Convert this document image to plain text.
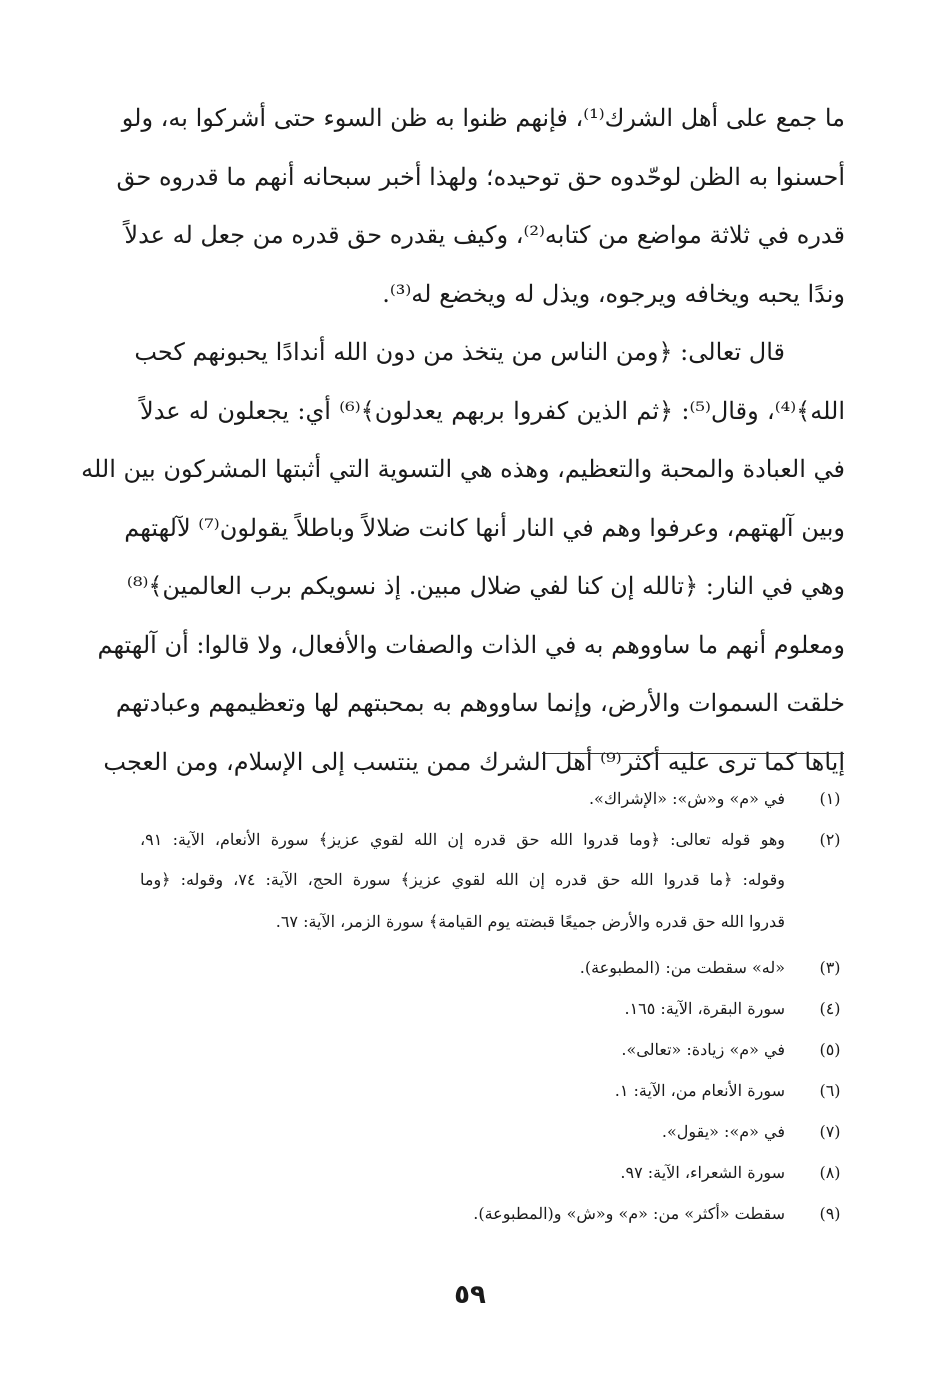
ما جمع على أهل الشرك⁽¹⁾، فإنهم ظنوا به ظن السوء حتى أشركوا به، ولو
أحسنوا به الظن لوحّدوه حق توحيده؛ ولهذا أخبر سبحانه أنهم ما قدروه حق
قدره في ثلاثة مواضع من كتابه⁽²⁾، وكيف يقدره حق قدره من جعل له عدلاً
وندًا يحبه ويخافه ويرجوه، ويذل له ويخضع له⁽³⁾.
قال تعالى: ﴿ومن الناس من يتخذ من دون الله أندادًا يحبونهم كحب
الله﴾⁽⁴⁾، وقال⁽⁵⁾: ﴿ثم الذين كفروا بربهم يعدلون﴾⁽⁶⁾ أي: يجعلون له عدلاً
في العبادة والمحبة والتعظيم، وهذه هي التسوية التي أثبتها المشركون بين الله
وبين آلهتهم، وعرفوا وهم في النار أنها كانت ضلالاً وباطلاً يقولون⁽⁷⁾ لآلهتهم
وهي في النار: ﴿تالله إن كنا لفي ضلال مبين. إذ نسويكم برب العالمين﴾⁽⁸⁾
ومعلوم أنهم ما ساووهم به في الذات والصفات والأفعال، ولا قالوا: أن آلهتهم
خلقت السموات والأرض، وإنما ساووهم به بمحبتهم لها وتعظيمهم وعبادتهم
إياها كما ترى عليه أكثر⁽⁹⁾ أهل الشرك ممن ينتسب إلى الإسلام، ومن العجب
(١)
في «م» و«ش»: «الإشراك».
(٢)
وهو قوله تعالى: ﴿وما قدروا الله حق قدره إن الله لقوي عزيز﴾ سورة الأنعام، الآية: ٩١،
وقوله: ﴿ما قدروا الله حق قدره إن الله لقوي عزيز﴾ سورة الحج، الآية: ٧٤، وقوله: ﴿وما
قدروا الله حق قدره والأرض جميعًا قبضته يوم القيامة﴾ سورة الزمر، الآية: ٦٧.
(٣)
«له» سقطت من: (المطبوعة).
(٤)
سورة البقرة، الآية: ١٦٥.
(٥)
في «م» زيادة: «تعالى».
(٦)
سورة الأنعام من، الآية: ١.
(٧)
في «م»: «يقول».
(٨)
سورة الشعراء، الآية: ٩٧.
(٩)
سقطت «أكثر» من: «م» و«ش» و(المطبوعة).
٥٩
